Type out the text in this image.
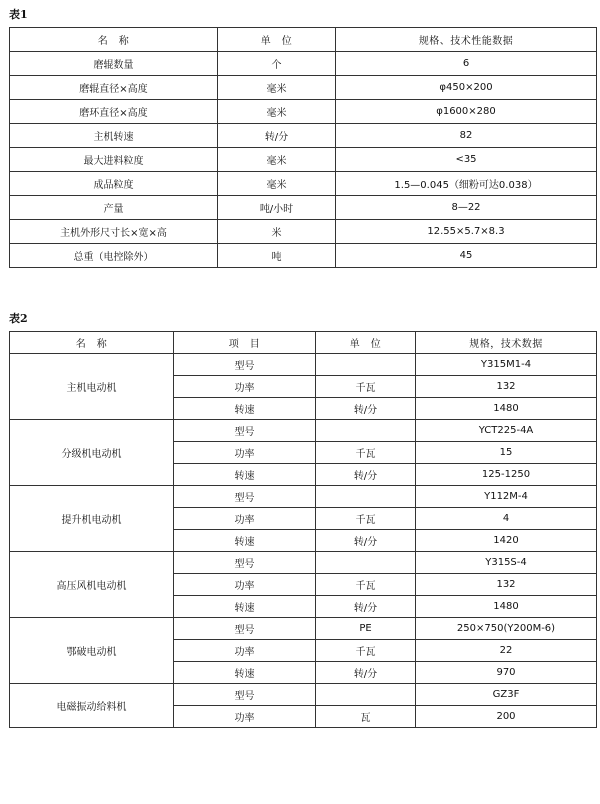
表1
名　称	单　位	规格、技术性能数据
磨辊数量	个	6
磨辊直径×高度	毫米	φ450×200
磨环直径×高度	毫米	φ1600×280
主机转速	转/分	82
最大进料粒度	毫米	<35
成品粒度	毫米	1.5—0.045（细粉可达0.038）
产量	吨/小时	8—22
主机外形尺寸长×宽×高	米	12.55×5.7×8.3
总重（电控除外）	吨	45
表2
名　称	项　目	单　位	规格，技术数据
主机电动机	型号		Y315M1-4
	功率	千瓦	132
	转速	转/分	1480
分级机电动机	型号		YCT225-4A
	功率	千瓦	15
	转速	转/分	125-1250
提升机电动机	型号		Y112M-4
	功率	千瓦	4
	转速	转/分	1420
高压风机电动机	型号		Y315S-4
	功率	千瓦	132
	转速	转/分	1480
鄂破电动机	型号	PE	250×750(Y200M-6)
	功率	千瓦	22
	转速	转/分	970
电磁振动给料机	型号		GZ3F
	功率	瓦	200
